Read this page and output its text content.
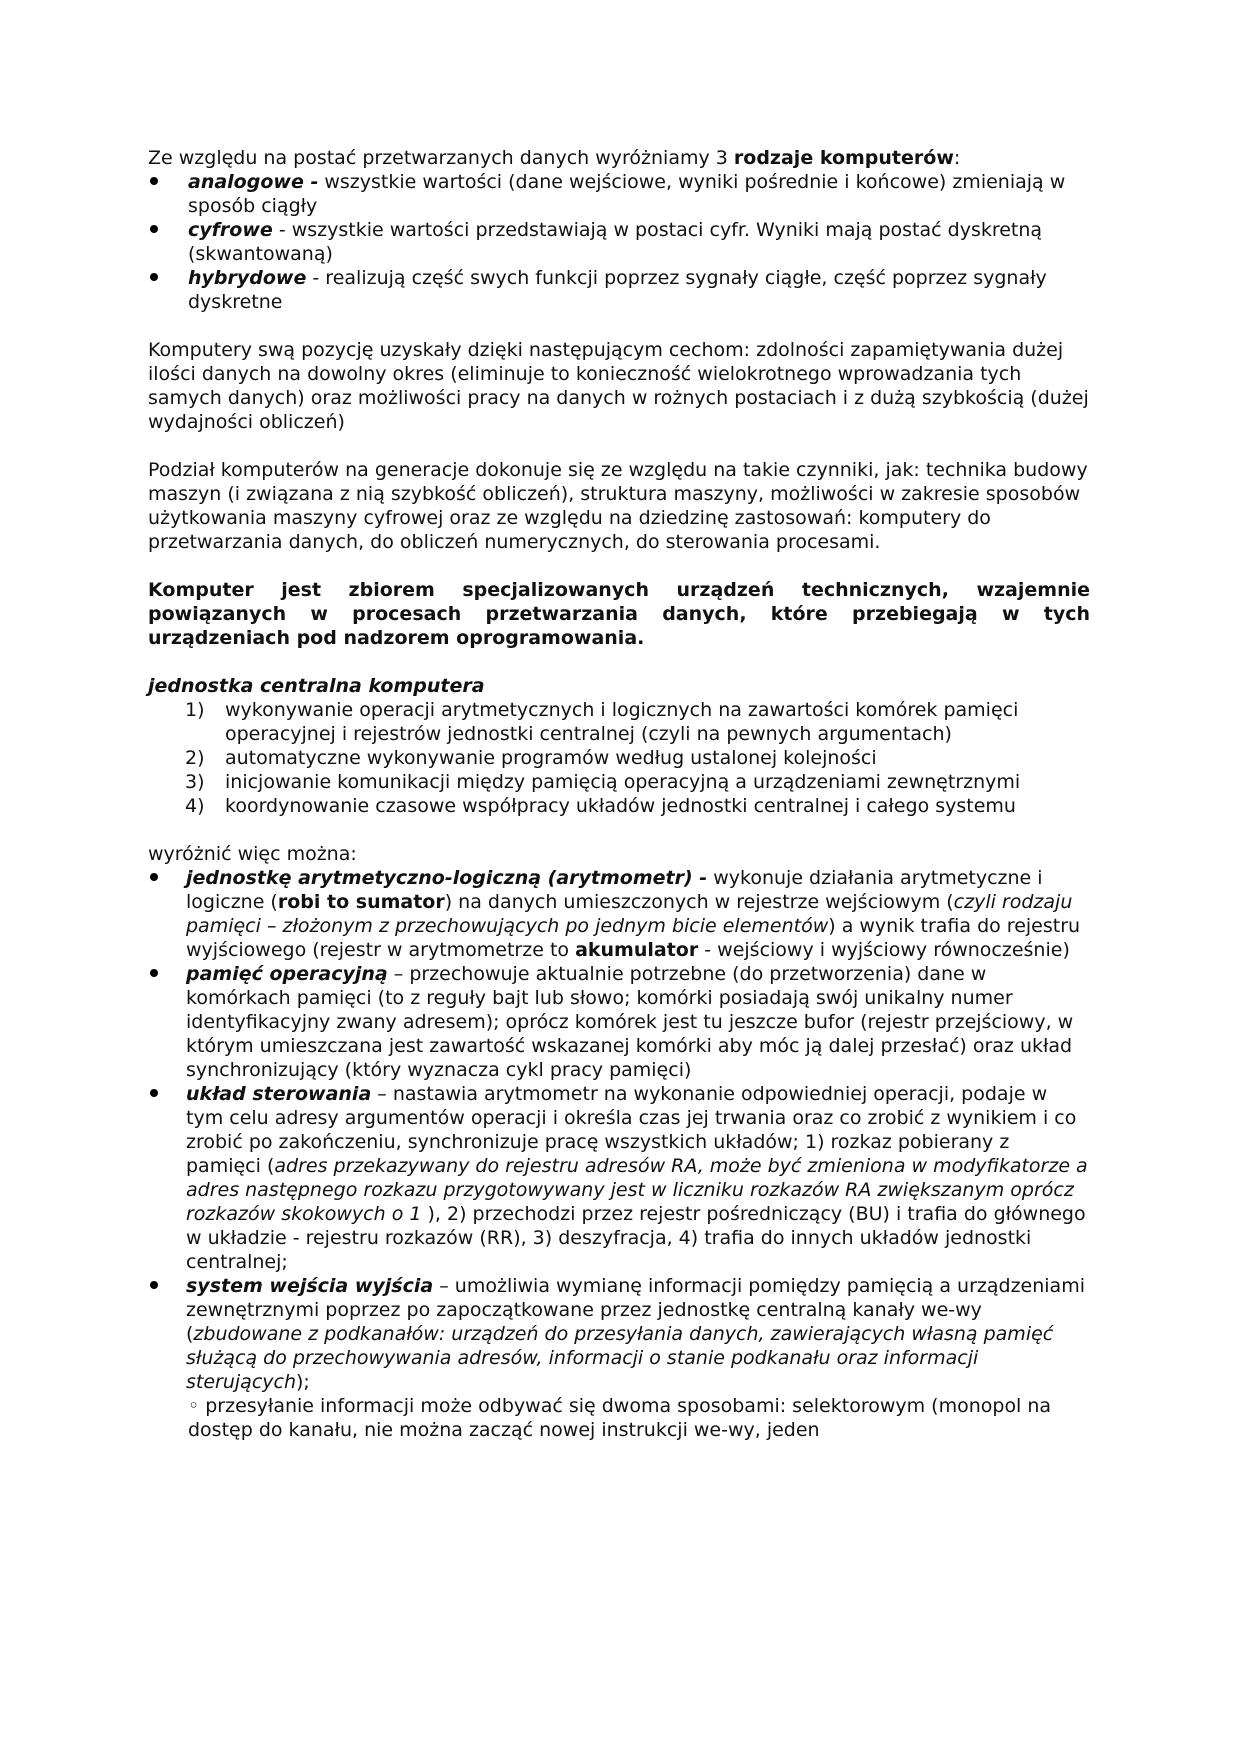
Ze względu na postać przetwarzanych danych wyróżniamy 3 rodzaje komputerów:

analogowe - wszystkie wartości (dane wejściowe, wyniki pośrednie i końcowe) zmieniają w sposób ciągły

cyfrowe - wszystkie wartości przedstawiają w postaci cyfr. Wyniki mają postać dyskretną (skwantowaną)

hybrydowe - realizują część swych funkcji poprzez sygnały ciągłe, część poprzez sygnały dyskretne

Komputery swą pozycję uzyskały dzięki następującym cechom: zdolności zapamiętywania dużej ilości danych na dowolny okres (eliminuje to konieczność wielokrotnego wprowadzania tych samych danych) oraz możliwości pracy na danych w rożnych postaciach i z dużą szybkością (dużej wydajności obliczeń)

Podział komputerów na generacje dokonuje się ze względu na takie czynniki, jak: technika budowy maszyn (i związana z nią szybkość obliczeń), struktura maszyny, możliwości w zakresie sposobów użytkowania maszyny cyfrowej oraz ze względu na dziedzinę zastosowań: komputery do przetwarzania danych, do obliczeń numerycznych, do sterowania procesami.

Komputer jest zbiorem specjalizowanych urządzeń technicznych, wzajemnie powiązanych w procesach przetwarzania danych, które przebiegają w tych urządzeniach pod nadzorem oprogramowania.

jednostka centralna komputera

1) wykonywanie operacji arytmetycznych i logicznych na zawartości komórek pamięci operacyjnej i rejestrów jednostki centralnej (czyli na pewnych argumentach)
2) automatyczne wykonywanie programów według ustalonej kolejności
3) inicjowanie komunikacji między pamięcią operacyjną a urządzeniami zewnętrznymi
4) koordynowanie czasowe współpracy układów jednostki centralnej i całego systemu

wyróżnić więc można:

jednostkę arytmetyczno-logiczną (arytmometr) - wykonuje działania arytmetyczne i logiczne (robi to sumator) na danych umieszczonych w rejestrze wejściowym (czyli rodzaju pamięci – złożonym z przechowujących po jednym bicie elementów) a wynik trafia do rejestru wyjściowego (rejestr w arytmometrze to akumulator - wejściowy i wyjściowy równocześnie)

pamięć operacyjną – przechowuje aktualnie potrzebne (do przetworzenia) dane w komórkach pamięci (to z reguły bajt lub słowo; komórki posiadają swój unikalny numer identyfikacyjny zwany adresem); oprócz komórek jest tu jeszcze bufor (rejestr przejściowy, w którym umieszczana jest zawartość wskazanej komórki aby móc ją dalej przesłać) oraz układ synchronizujący (który wyznacza cykl pracy pamięci)

układ sterowania – nastawia arytmometr na wykonanie odpowiedniej operacji, podaje w tym celu adresy argumentów operacji i określa czas jej trwania oraz co zrobić z wynikiem i co zrobić po zakończeniu, synchronizuje pracę wszystkich układów; 1) rozkaz pobierany z pamięci (adres przekazywany do rejestru adresów RA, może być zmieniona w modyfikatorze a adres następnego rozkazu przygotowywany jest w liczniku rozkazów RA zwiększanym oprócz rozkazów skokowych o 1 ), 2) przechodzi przez rejestr pośredniczący (BU) i trafia do głównego w układzie - rejestru rozkazów (RR), 3) deszyfracja, 4) trafia do innych układów jednostki centralnej;

system wejścia wyjścia – umożliwia wymianę informacji pomiędzy pamięcią a urządzeniami zewnętrznymi poprzez po zapoczątkowane przez jednostkę centralną kanały we-wy (zbudowane z podkanałów: urządzeń do przesyłania danych, zawierających własną pamięć służącą do przechowywania adresów, informacji o stanie podkanału oraz informacji sterujących);

◦ przesyłanie informacji może odbywać się dwoma sposobami: selektorowym (monopol na dostęp do kanału, nie można zacząć nowej instrukcji we-wy, jeden
